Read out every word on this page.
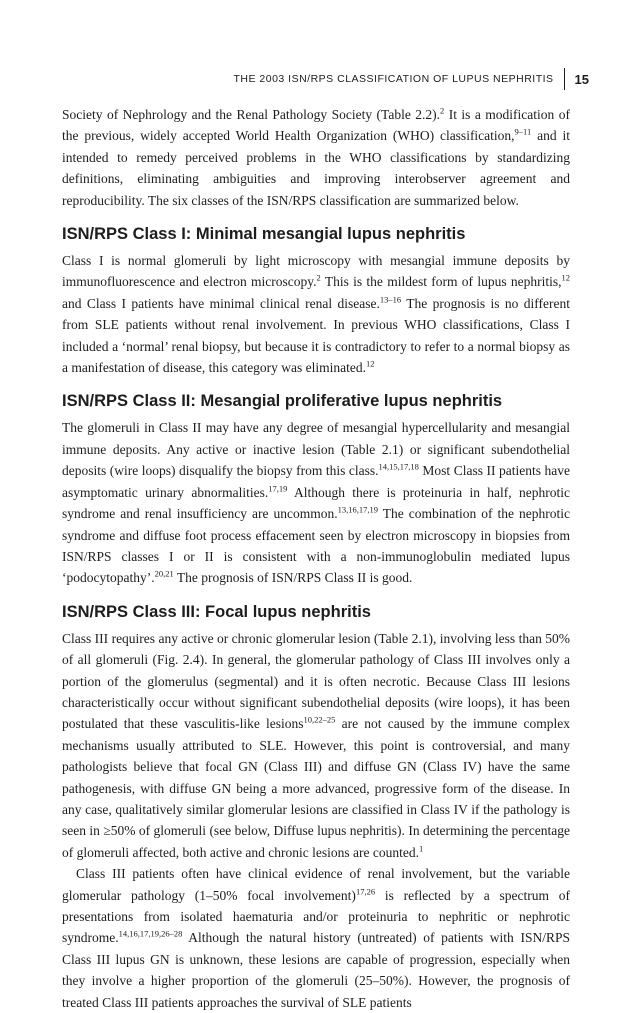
THE 2003 ISN/RPS CLASSIFICATION OF LUPUS NEPHRITIS 15

Society of Nephrology and the Renal Pathology Society (Table 2.2).$^2$ It is a modification of the previous, widely accepted World Health Organization (WHO) classification,$^{9-11}$ and it intended to remedy perceived problems in the WHO classifications by standardizing definitions, eliminating ambiguities and improving interobserver agreement and reproducibility. The six classes of the ISN/RPS classification are summarized below.

ISN/RPS Class I: Minimal mesangial lupus nephritis

Class I is normal glomeruli by light microscopy with mesangial immune deposits by immunofluorescence and electron microscopy.$^2$ This is the mildest form of lupus nephritis,$^{12}$ and Class I patients have minimal clinical renal disease.$^{13-16}$ The prognosis is no different from SLE patients without renal involvement. In previous WHO classifications, Class I included a ‘normal’ renal biopsy, but because it is contradictory to refer to a normal biopsy as a manifestation of disease, this category was eliminated.$^{12}$

ISN/RPS Class II: Mesangial proliferative lupus nephritis

The glomeruli in Class II may have any degree of mesangial hypercellularity and mesangial immune deposits. Any active or inactive lesion (Table 2.1) or significant subendothelial deposits (wire loops) disqualify the biopsy from this class.$^{14,15,17,18}$ Most Class II patients have asymptomatic urinary abnormalities.$^{17,19}$ Although there is proteinuria in half, nephrotic syndrome and renal insufficiency are uncommon.$^{13,16,17,19}$ The combination of the nephrotic syndrome and diffuse foot process effacement seen by electron microscopy in biopsies from ISN/RPS classes I or II is consistent with a non-immunoglobulin mediated lupus ‘podocytopathy’.$^{20,21}$ The prognosis of ISN/RPS Class II is good.

ISN/RPS Class III: Focal lupus nephritis

Class III requires any active or chronic glomerular lesion (Table 2.1), involving less than 50% of all glomeruli (Fig. 2.4). In general, the glomerular pathology of Class III involves only a portion of the glomerulus (segmental) and it is often necrotic. Because Class III lesions characteristically occur without significant subendothelial deposits (wire loops), it has been postulated that these vasculitis-like lesions$^{10,22-25}$ are not caused by the immune complex mechanisms usually attributed to SLE. However, this point is controversial, and many pathologists believe that focal GN (Class III) and diffuse GN (Class IV) have the same pathogenesis, with diffuse GN being a more advanced, progressive form of the disease. In any case, qualitatively similar glomerular lesions are classified in Class IV if the pathology is seen in ≥50% of glomeruli (see below, Diffuse lupus nephritis). In determining the percentage of glomeruli affected, both active and chronic lesions are counted.$^1$

Class III patients often have clinical evidence of renal involvement, but the variable glomerular pathology (1–50% focal involvement)$^{17,26}$ is reflected by a spectrum of presentations from isolated haematuria and/or proteinuria to nephritic or nephrotic syndrome.$^{14,16,17,19,26-28}$ Although the natural history (untreated) of patients with ISN/RPS Class III lupus GN is unknown, these lesions are capable of progression, especially when they involve a higher proportion of the glomeruli (25–50%). However, the prognosis of treated Class III patients approaches the survival of SLE patients
